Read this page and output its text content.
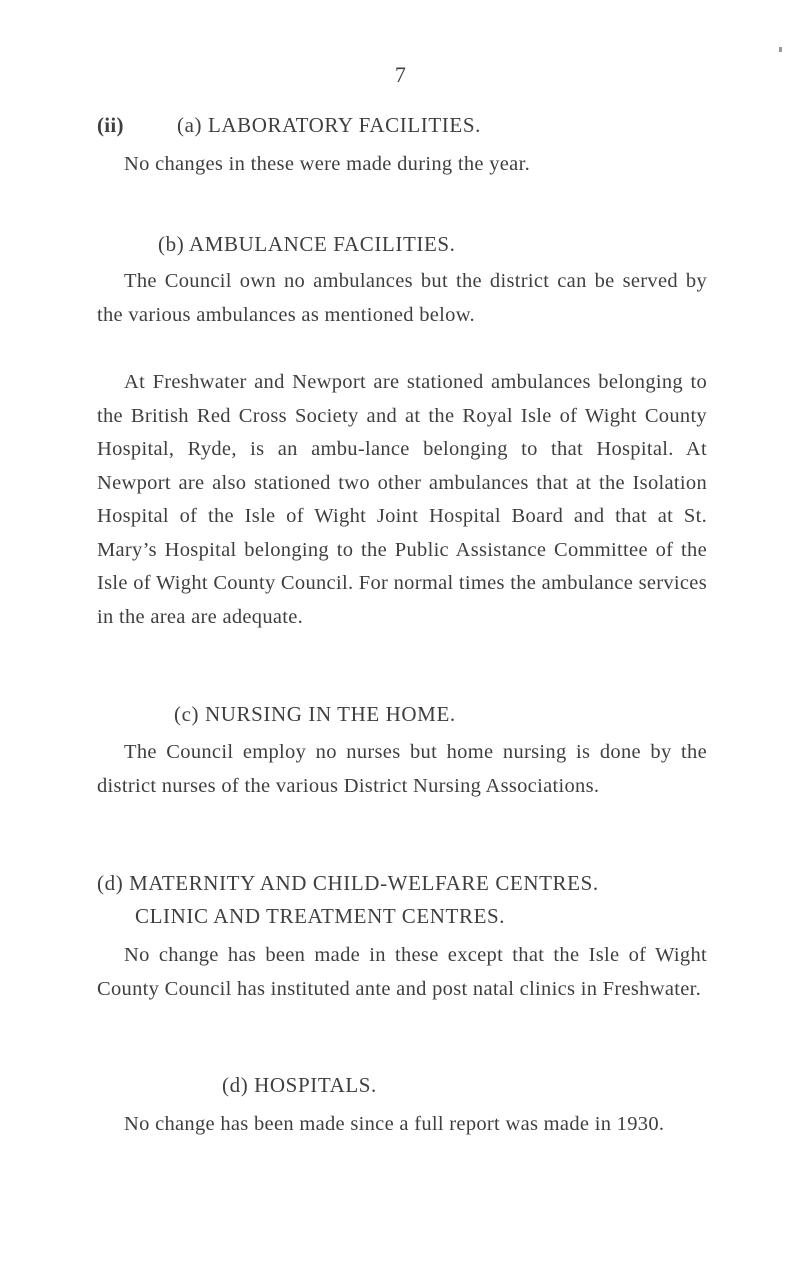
7
(ii)	(a) LABORATORY FACILITIES.

No changes in these were made during the year.

(b) AMBULANCE FACILITIES.

The Council own no ambulances but the district can be served by the various ambulances as mentioned below.

At Freshwater and Newport are stationed ambulances belonging to the British Red Cross Society and at the Royal Isle of Wight County Hospital, Ryde, is an ambu-lance belonging to that Hospital. At Newport are also stationed two other ambulances that at the Isolation Hospital of the Isle of Wight Joint Hospital Board and that at St. Mary’s Hospital belonging to the Public Assistance Committee of the Isle of Wight County Council. For normal times the ambulance services in the area are adequate.

(c) NURSING IN THE HOME.

The Council employ no nurses but home nursing is done by the district nurses of the various District Nursing Associations.

(d) MATERNITY AND CHILD-WELFARE CENTRES.
CLINIC AND TREATMENT CENTRES.

No change has been made in these except that the Isle of Wight County Council has instituted ante and post natal clinics in Freshwater.

(d) HOSPITALS.

No change has been made since a full report was made in 1930.
